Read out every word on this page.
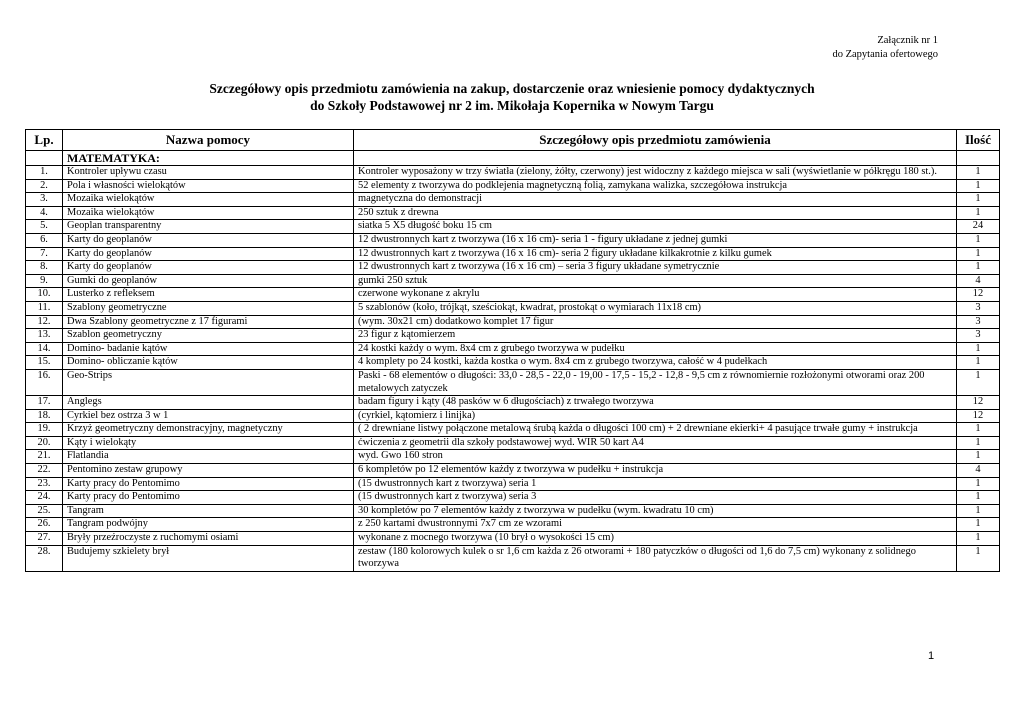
Załącznik nr 1
do Zapytania ofertowego
Szczegółowy opis przedmiotu zamówienia na zakup, dostarczenie oraz wniesienie pomocy dydaktycznych
do Szkoły Podstawowej nr 2 im. Mikołaja Kopernika w Nowym Targu
Lp.	Nazwa pomocy	Szczegółowy opis przedmiotu zamówienia	Ilość
	MATEMATYKA:		
1.	Kontroler upływu czasu	Kontroler wyposażony w trzy światła (zielony, żółty, czerwony) jest widoczny z każdego miejsca w sali (wyświetlanie w półkręgu 180 st.).	1
2.	Pola i własności wielokątów	52 elementy z tworzywa do podklejenia magnetyczną folią, zamykana walizka, szczegółowa instrukcja	1
3.	Mozaika wielokątów	magnetyczna do demonstracji	1
4.	Mozaika wielokątów	250 sztuk z drewna	1
5.	Geoplan transparentny	siatka 5 X5 długość boku 15 cm	24
6.	Karty do geoplanów	12 dwustronnych kart z tworzywa (16 x 16 cm)- seria 1 - figury układane z jednej gumki	1
7.	Karty do geoplanów	12 dwustronnych kart z tworzywa (16 x 16 cm)- seria 2 figury układane kilkakrotnie z kilku gumek	1
8.	Karty do geoplanów	12 dwustronnych kart z tworzywa (16 x 16 cm) – seria 3 figury układane symetrycznie	1
9.	Gumki do geoplanów	gumki 250 sztuk	4
10.	Lusterko z refleksem	czerwone wykonane z akrylu	12
11.	Szablony geometryczne	5 szablonów (koło, trójkąt, sześciokąt, kwadrat, prostokąt o wymiarach 11x18 cm)	3
12.	Dwa Szablony geometryczne z 17 figurami	(wym. 30x21 cm) dodatkowo komplet 17 figur	3
13.	Szablon geometryczny	23 figur z kątomierzem	3
14.	Domino- badanie kątów	24 kostki każdy o wym. 8x4 cm z grubego tworzywa w pudełku	1
15.	Domino- obliczanie kątów	4 komplety po 24 kostki, każda kostka o wym. 8x4 cm z grubego tworzywa, całość w 4 pudełkach	1
16.	Geo-Strips	Paski - 68 elementów o długości: 33,0 - 28,5 - 22,0 - 19,00 - 17,5 - 15,2 - 12,8 - 9,5 cm z równomiernie rozłożonymi otworami oraz 200 metalowych zatyczek	1
17.	Anglegs	badam figury i kąty (48 pasków w 6 długościach) z trwałego tworzywa	12
18.	Cyrkiel bez ostrza 3 w 1	(cyrkiel, kątomierz i linijka)	12
19.	Krzyż geometryczny demonstracyjny, magnetyczny	( 2 drewniane listwy połączone metalową śrubą każda o długości 100 cm) + 2 drewniane ekierki+ 4 pasujące trwałe gumy + instrukcja	1
20.	Kąty i wielokąty	ćwiczenia z geometrii dla szkoły podstawowej wyd. WIR 50 kart A4	1
21.	Flatlandia	wyd. Gwo 160 stron	1
22.	Pentomino zestaw grupowy	6 kompletów po 12 elementów każdy z tworzywa w pudełku + instrukcja	4
23.	Karty pracy do Pentomimo	(15 dwustronnych kart z tworzywa) seria 1	1
24.	Karty pracy do Pentomimo	(15 dwustronnych kart z tworzywa) seria 3	1
25.	Tangram	30 kompletów po 7 elementów każdy z tworzywa w pudełku (wym. kwadratu 10 cm)	1
26.	Tangram podwójny	z 250 kartami dwustronnymi 7x7 cm ze wzorami	1
27.	Bryły przeźroczyste z ruchomymi osiami	wykonane z mocnego tworzywa (10 brył o wysokości 15 cm)	1
28.	Budujemy szkielety brył	zestaw (180 kolorowych kulek o sr 1,6 cm każda z 26 otworami + 180 patyczków o długości od 1,6 do 7,5 cm) wykonany z solidnego tworzywa	1
1
